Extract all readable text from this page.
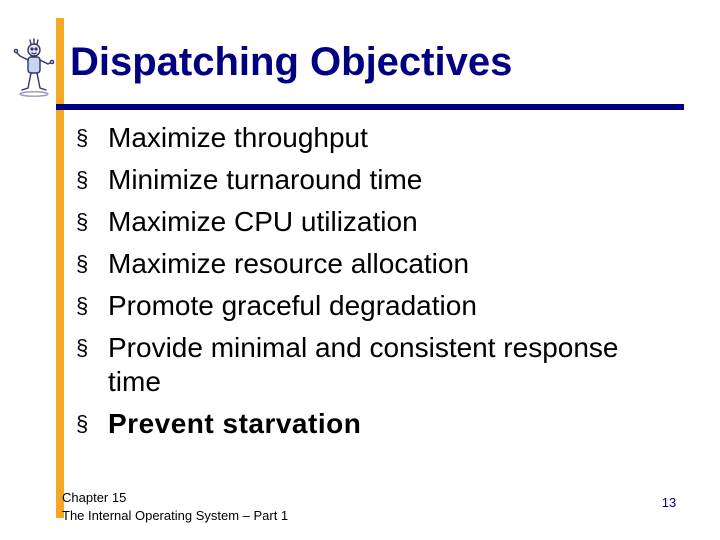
Dispatching Objectives
§ Maximize throughput
§ Minimize turnaround time
§ Maximize CPU utilization
§ Maximize resource allocation
§ Promote graceful degradation
§ Provide minimal and consistent response time
§ Prevent starvation
Chapter 15
The Internal Operating System – Part 1
13
